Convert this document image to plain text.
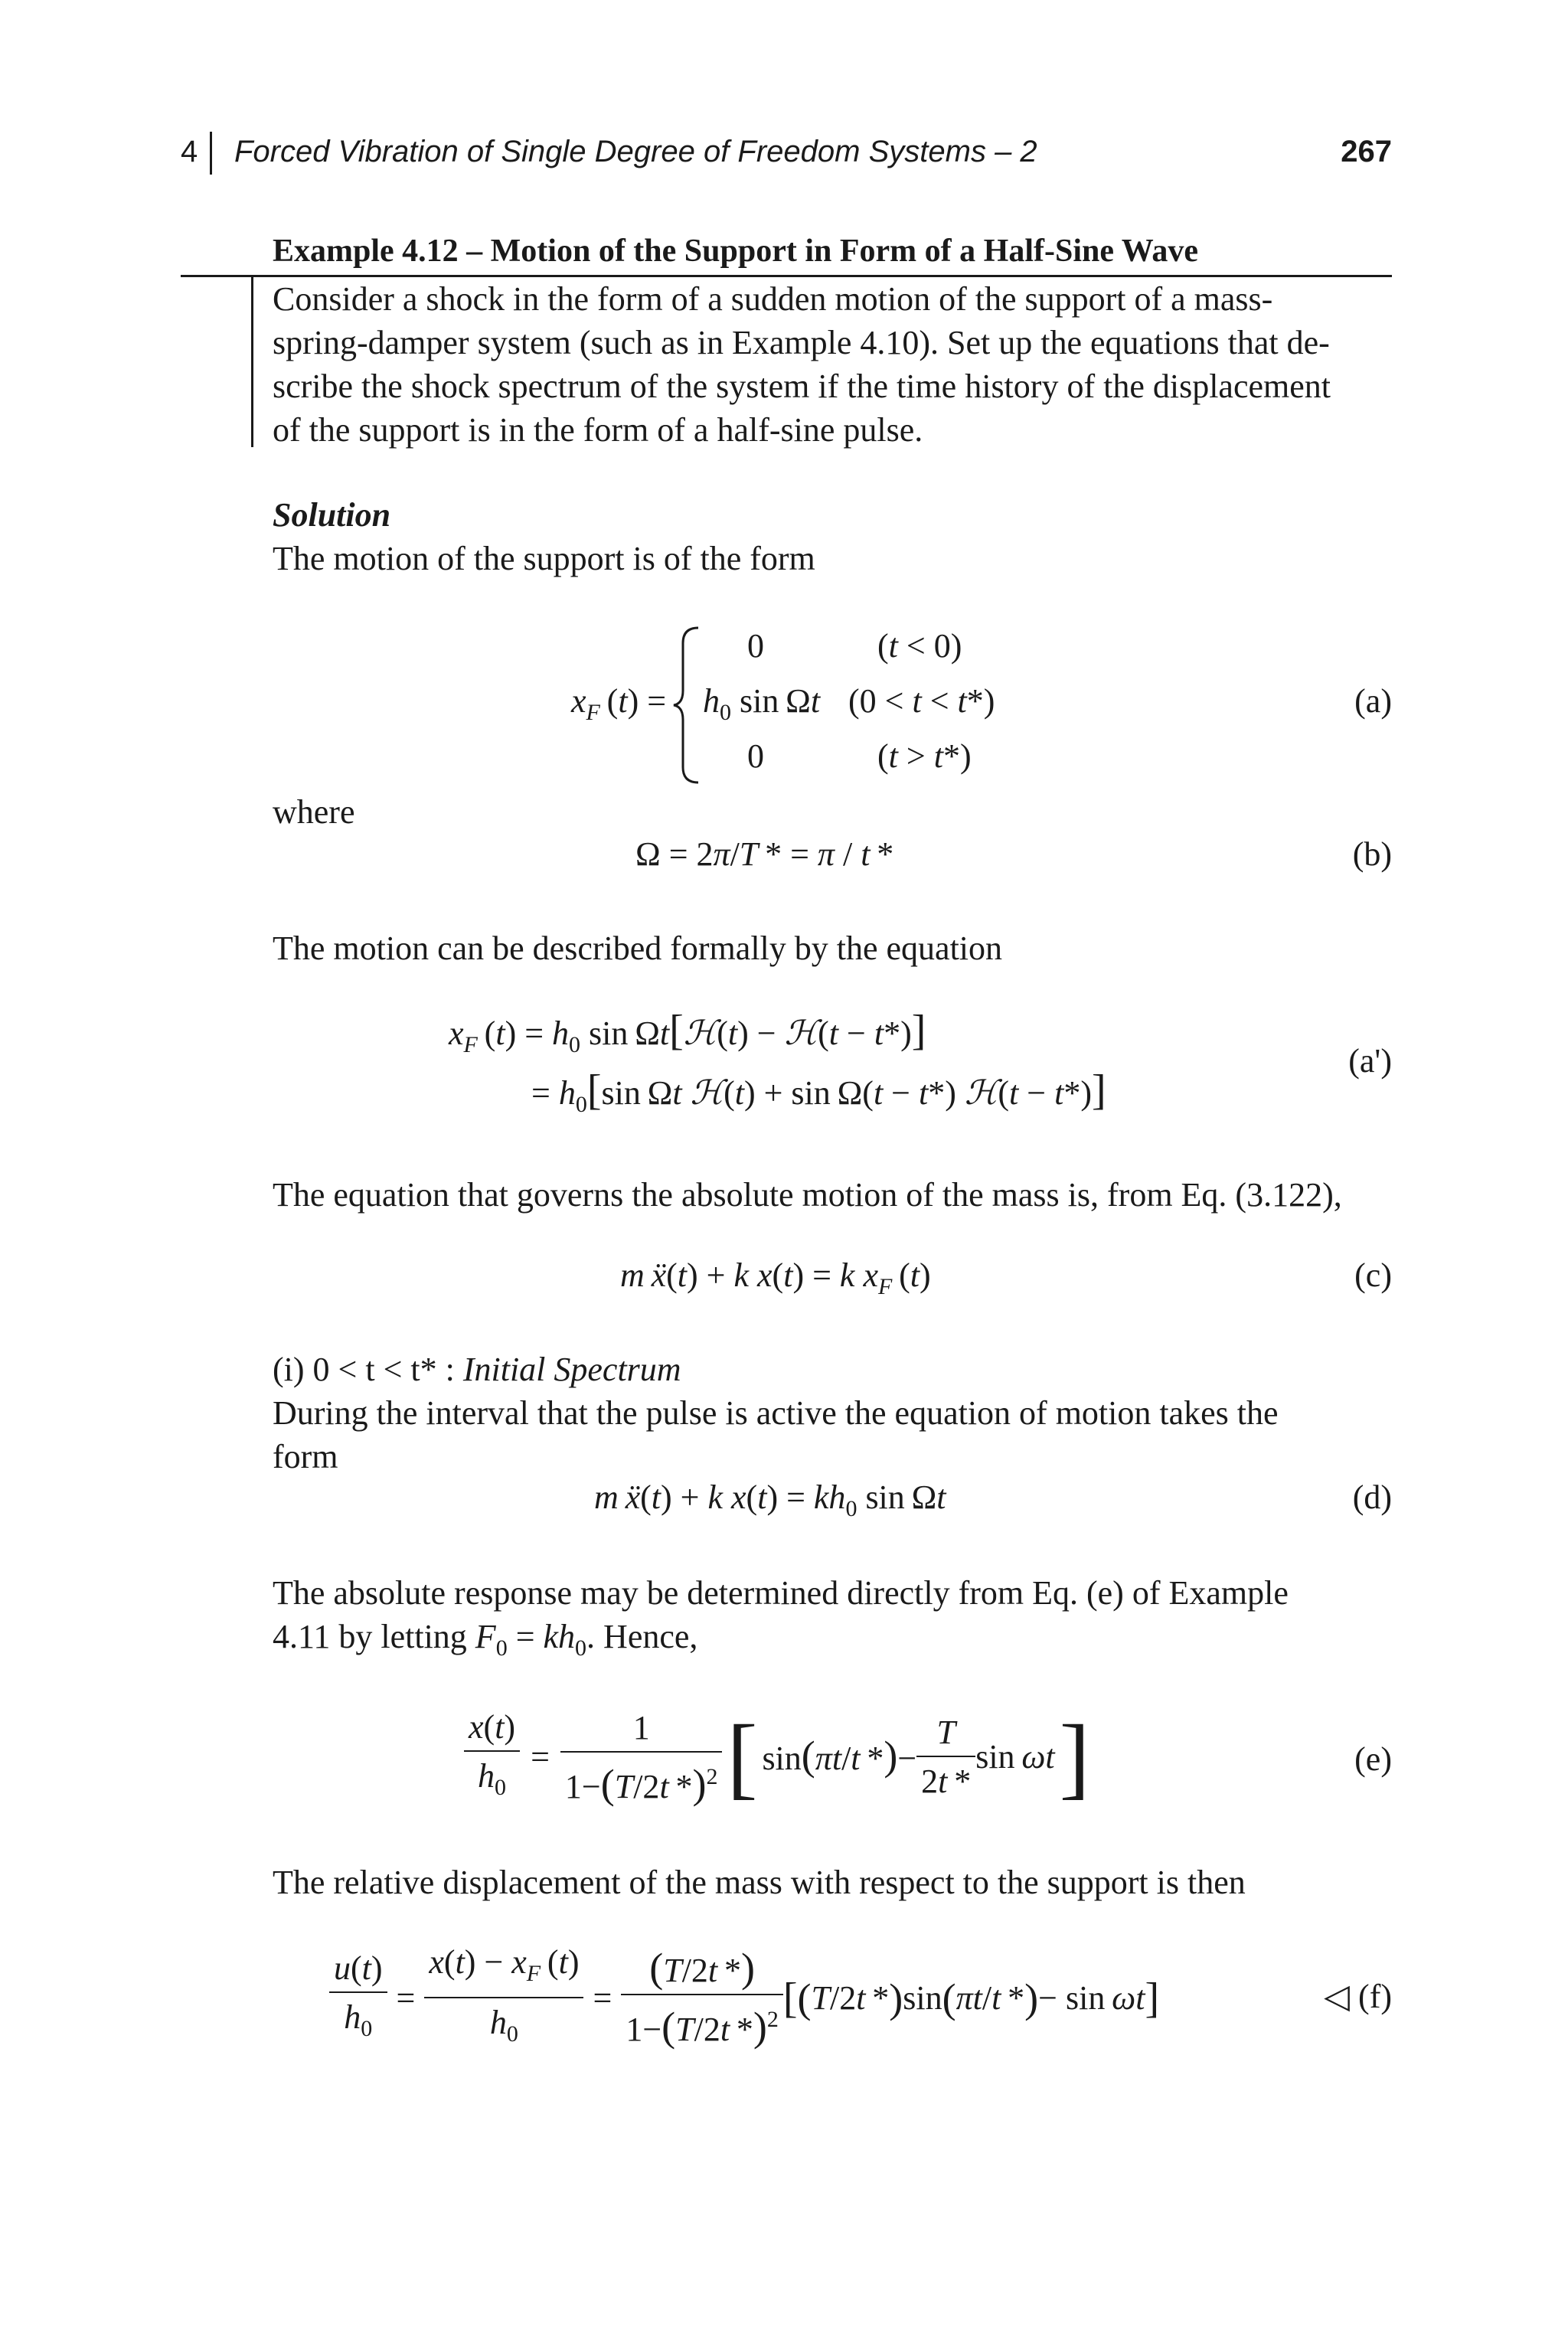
4 Forced Vibration of Single Degree of Freedom Systems – 2	267
Example 4.12 – Motion of the Support in Form of a Half-Sine Wave
Consider a shock in the form of a sudden motion of the support of a mass-
spring-damper system (such as in Example 4.10). Set up the equations that de-
scribe the shock spectrum of the system if the time history of the displacement
of the support is in the form of a half-sine pulse.
Solution
The motion of the support is of the form
$x_F$ (t) =
0	(t < 0)
$h_0$ sin Ωt (0 < t < t*)
0	(t > t*)
(a)
where
Ω = 2π/T * = π / t *	(b)
The motion can be described formally by the equation
$x_F$ $(t) = h_0$ sin Ωt[ℋ(t) − ℋ(t − t*)]
= $h_0[\sin$ Ωt ℋ(t) + sin Ω(t − t*) ℋ(t − t*)]
(a')
The equation that governs the absolute motion of the mass is, from Eq. (3.122),
m  ẍ(t) + k x(t) = k $x_F$ (t)	(c)
(i) 0 < t < t* : Initial Spectrum
During the interval that the pulse is active the equation of motion takes the
form
m  ẍ(t) + k $x(t) = kh_0$ sin Ωt	(d)
The absolute response may be determined directly from Eq. (e) of Example
4.11 by letting $F_0 = kh_0$. Hence,
$\frac{x(t)}{h_0} = \frac{1}{1-(T/2t *)^2}$ [ sin(πt/t *)− $\frac{T}{2t *}$ sin ωt ]	(e)
The relative displacement of the mass with respect to the support is then
$\frac{u(t)}{h_0} = \frac{x(t) - x_F (t)}{h_0} = \frac{(T/2t *)}{1-(T/2t *)^2}$ [ ( T /2 t  * ) sin ( πt / t  * ) − sin  ωt ]	◁ (f)
